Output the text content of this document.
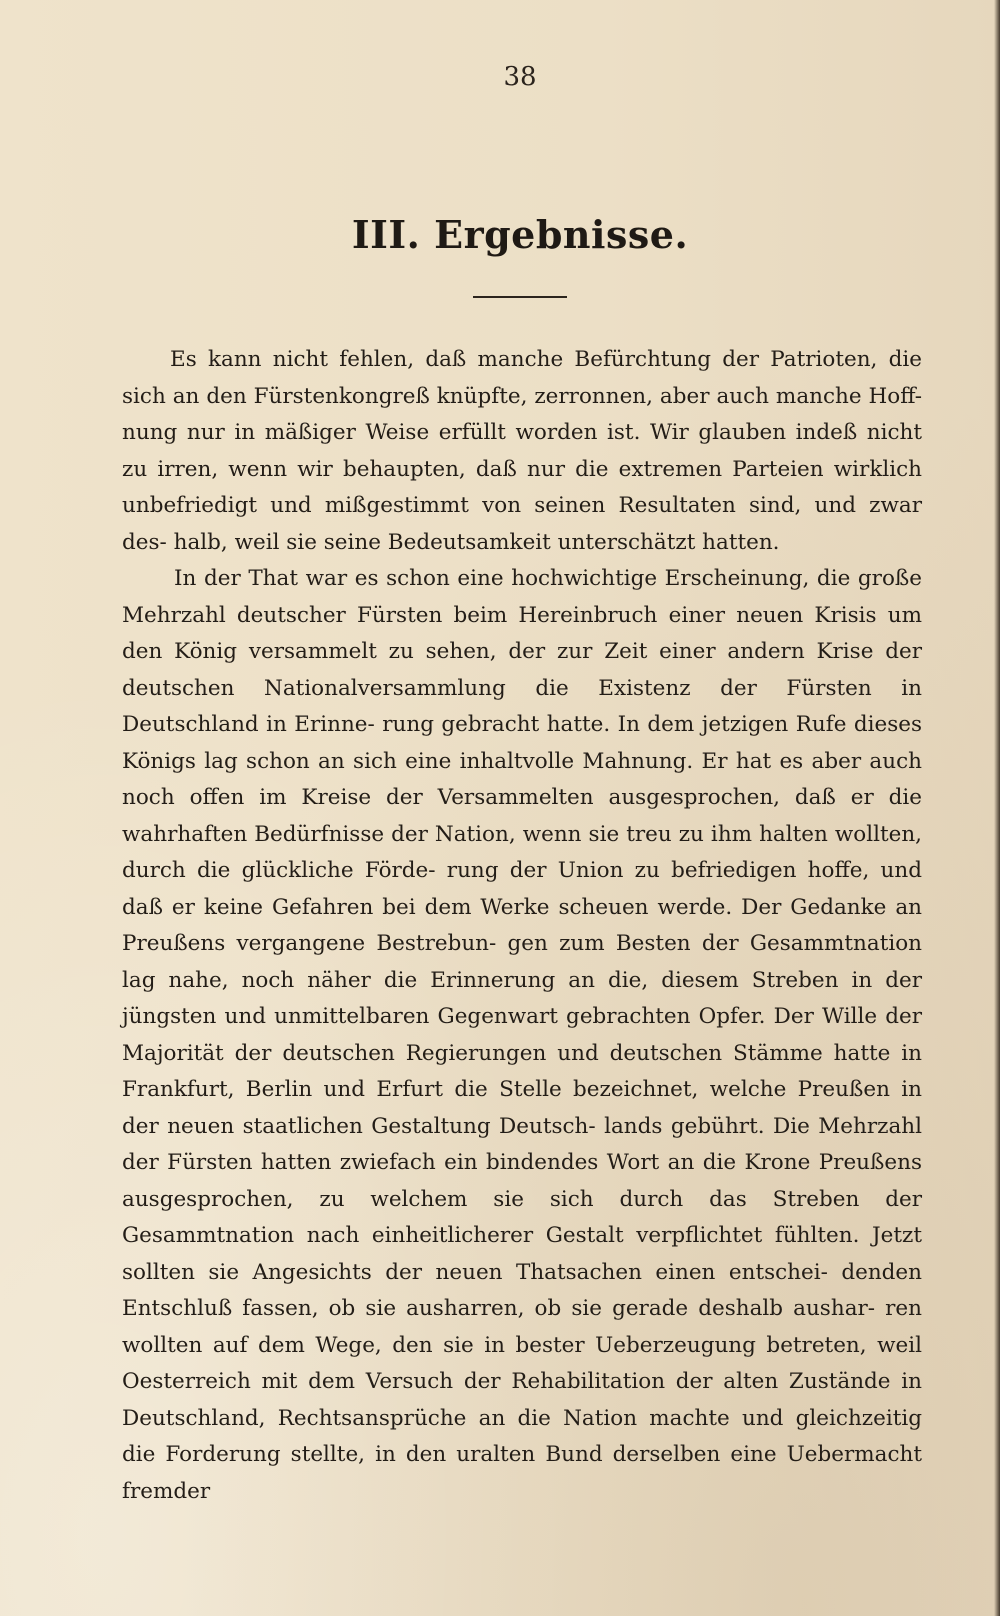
38
III. Ergebnisse.

Es kann nicht fehlen, daß manche Befürchtung der Patrioten, die sich an den Fürstenkongreß knüpfte, zerronnen, aber auch manche Hoff- nung nur in mäßiger Weise erfüllt worden ist. Wir glauben indeß nicht zu irren, wenn wir behaupten, daß nur die extremen Parteien wirklich unbefriedigt und mißgestimmt von seinen Resultaten sind, und zwar des- halb, weil sie seine Bedeutsamkeit unterschätzt hatten.

In der That war es schon eine hochwichtige Erscheinung, die große Mehrzahl deutscher Fürsten beim Hereinbruch einer neuen Krisis um den König versammelt zu sehen, der zur Zeit einer andern Krise der deutschen Nationalversammlung die Existenz der Fürsten in Deutschland in Erinne- rung gebracht hatte. In dem jetzigen Rufe dieses Königs lag schon an sich eine inhaltvolle Mahnung. Er hat es aber auch noch offen im Kreise der Versammelten ausgesprochen, daß er die wahrhaften Bedürfnisse der Nation, wenn sie treu zu ihm halten wollten, durch die glückliche Förde- rung der Union zu befriedigen hoffe, und daß er keine Gefahren bei dem Werke scheuen werde. Der Gedanke an Preußens vergangene Bestrebun- gen zum Besten der Gesammtnation lag nahe, noch näher die Erinnerung an die, diesem Streben in der jüngsten und unmittelbaren Gegenwart gebrachten Opfer. Der Wille der Majorität der deutschen Regierungen und deutschen Stämme hatte in Frankfurt, Berlin und Erfurt die Stelle bezeichnet, welche Preußen in der neuen staatlichen Gestaltung Deutsch- lands gebührt. Die Mehrzahl der Fürsten hatten zwiefach ein bindendes Wort an die Krone Preußens ausgesprochen, zu welchem sie sich durch das Streben der Gesammtnation nach einheitlicherer Gestalt verpflichtet fühlten. Jetzt sollten sie Angesichts der neuen Thatsachen einen entschei- denden Entschluß fassen, ob sie ausharren, ob sie gerade deshalb aushar- ren wollten auf dem Wege, den sie in bester Ueberzeugung betreten, weil Oesterreich mit dem Versuch der Rehabilitation der alten Zustände in Deutschland, Rechtsansprüche an die Nation machte und gleichzeitig die Forderung stellte, in den uralten Bund derselben eine Uebermacht fremder
